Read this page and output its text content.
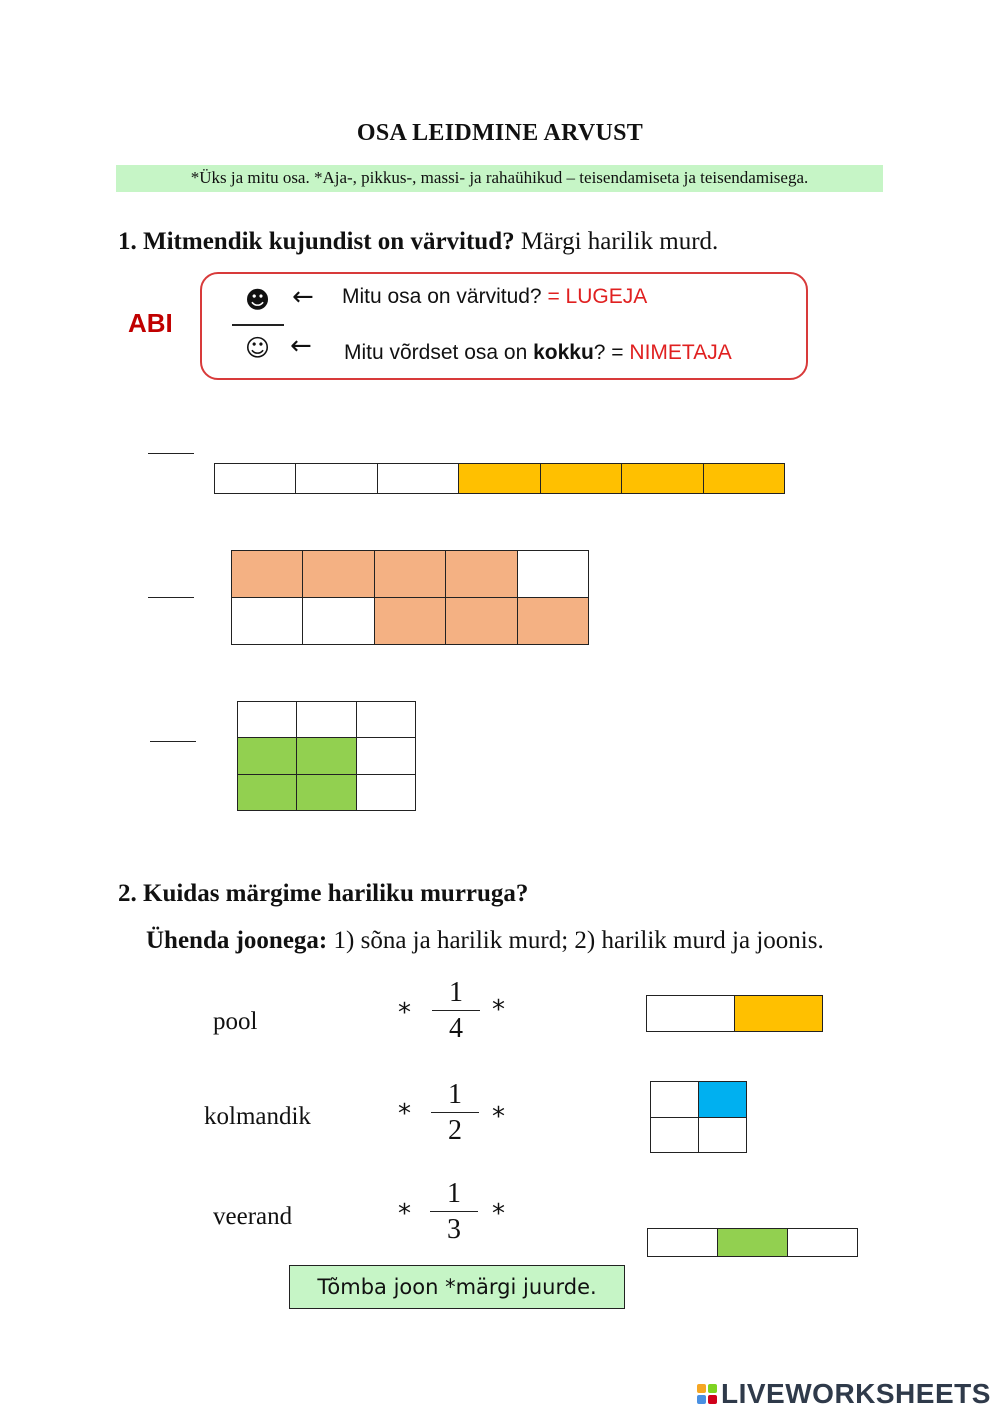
OSA LEIDMINE ARVUST
*Üks ja mitu osa. *Aja-, pikkus-, massi- ja rahaühikud – teisendamiseta ja teisendamisega.
1. Mitmendik kujundist on värvitud? Märgi harilik murd.
ABI
☻
☺
←
←
Mitu osa on värvitud? = LUGEJA
Mitu võrdset osa on kokku? = NIMETAJA
2. Kuidas märgime hariliku murruga?
Ühenda joonega: 1) sõna ja harilik murd; 2) harilik murd ja joonis.
pool
kolmandik
veerand
*
1
4
*
*
1
2	*
*
1
3	*
Tõmba joon *märgi juurde.
LIVEWORKSHEETS
